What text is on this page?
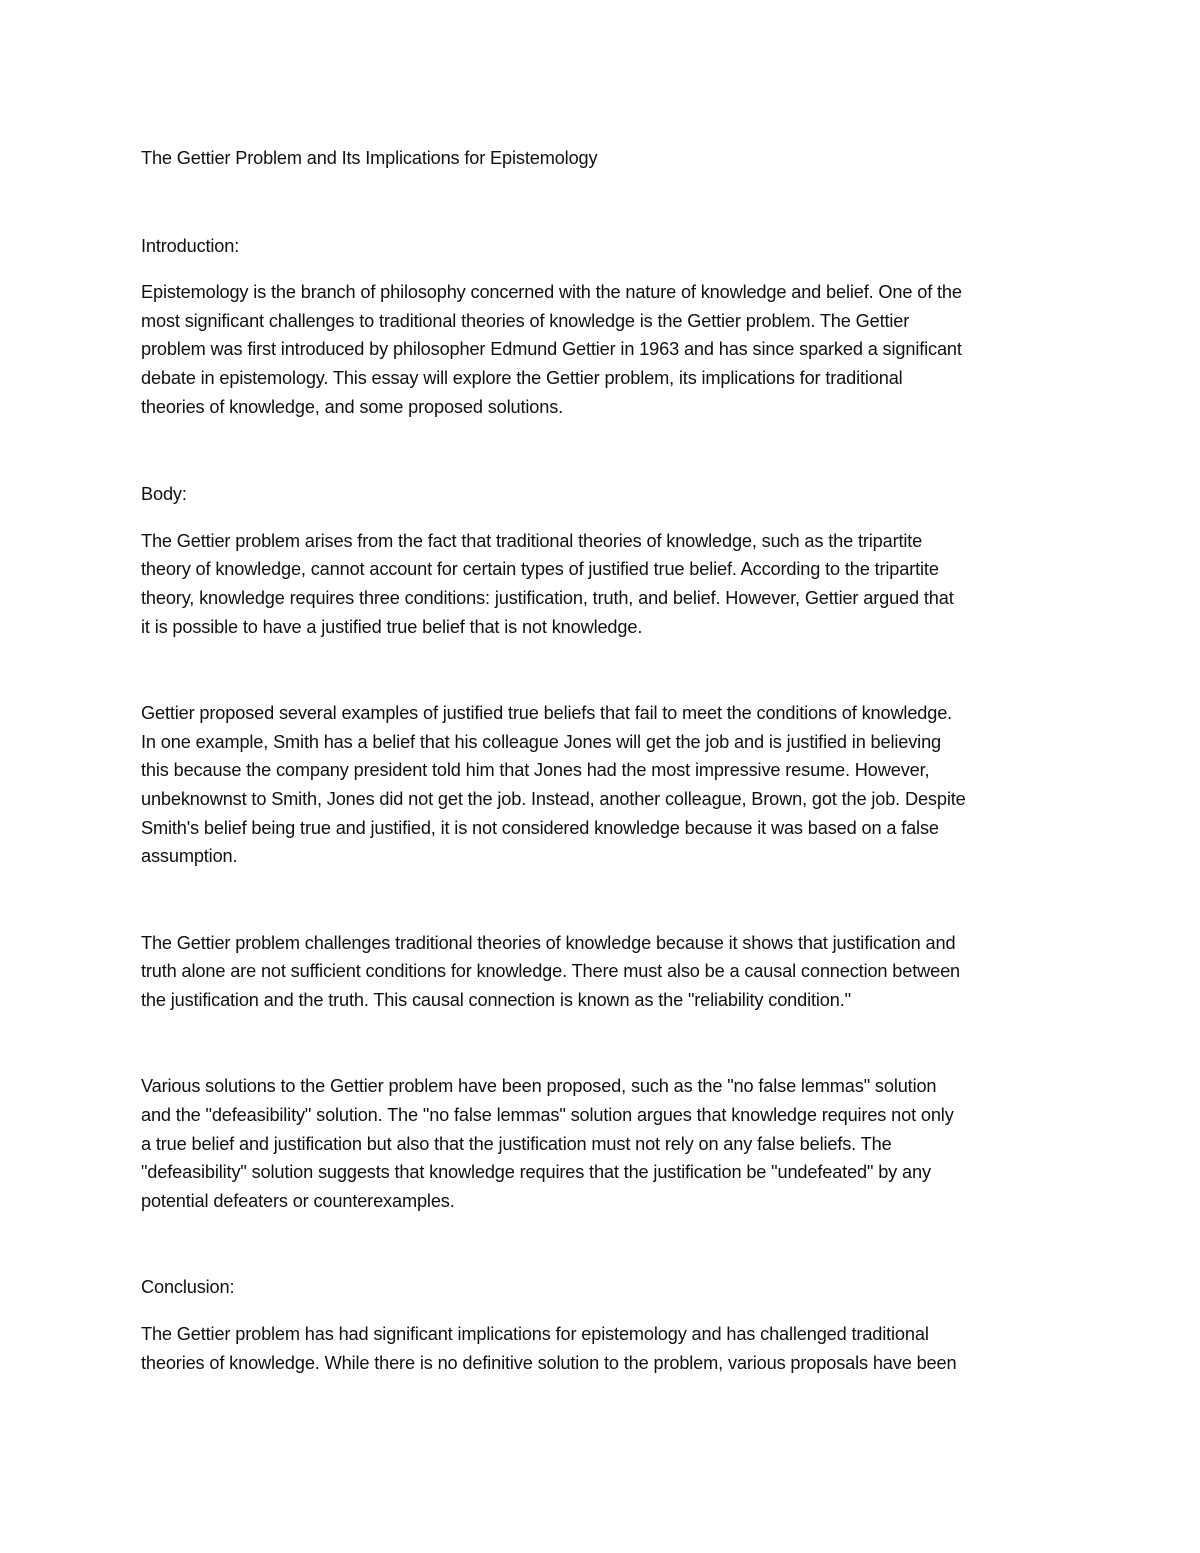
The Gettier Problem and Its Implications for Epistemology
Introduction:
Epistemology is the branch of philosophy concerned with the nature of knowledge and belief. One of the
most significant challenges to traditional theories of knowledge is the Gettier problem. The Gettier
problem was first introduced by philosopher Edmund Gettier in 1963 and has since sparked a significant
debate in epistemology. This essay will explore the Gettier problem, its implications for traditional
theories of knowledge, and some proposed solutions.
Body:
The Gettier problem arises from the fact that traditional theories of knowledge, such as the tripartite
theory of knowledge, cannot account for certain types of justified true belief. According to the tripartite
theory, knowledge requires three conditions: justification, truth, and belief. However, Gettier argued that
it is possible to have a justified true belief that is not knowledge.
Gettier proposed several examples of justified true beliefs that fail to meet the conditions of knowledge.
In one example, Smith has a belief that his colleague Jones will get the job and is justified in believing
this because the company president told him that Jones had the most impressive resume. However,
unbeknownst to Smith, Jones did not get the job. Instead, another colleague, Brown, got the job. Despite
Smith's belief being true and justified, it is not considered knowledge because it was based on a false
assumption.
The Gettier problem challenges traditional theories of knowledge because it shows that justification and
truth alone are not sufficient conditions for knowledge. There must also be a causal connection between
the justification and the truth. This causal connection is known as the "reliability condition."
Various solutions to the Gettier problem have been proposed, such as the "no false lemmas" solution
and the "defeasibility" solution. The "no false lemmas" solution argues that knowledge requires not only
a true belief and justification but also that the justification must not rely on any false beliefs. The
"defeasibility" solution suggests that knowledge requires that the justification be "undefeated" by any
potential defeaters or counterexamples.
Conclusion:
The Gettier problem has had significant implications for epistemology and has challenged traditional
theories of knowledge. While there is no definitive solution to the problem, various proposals have been
